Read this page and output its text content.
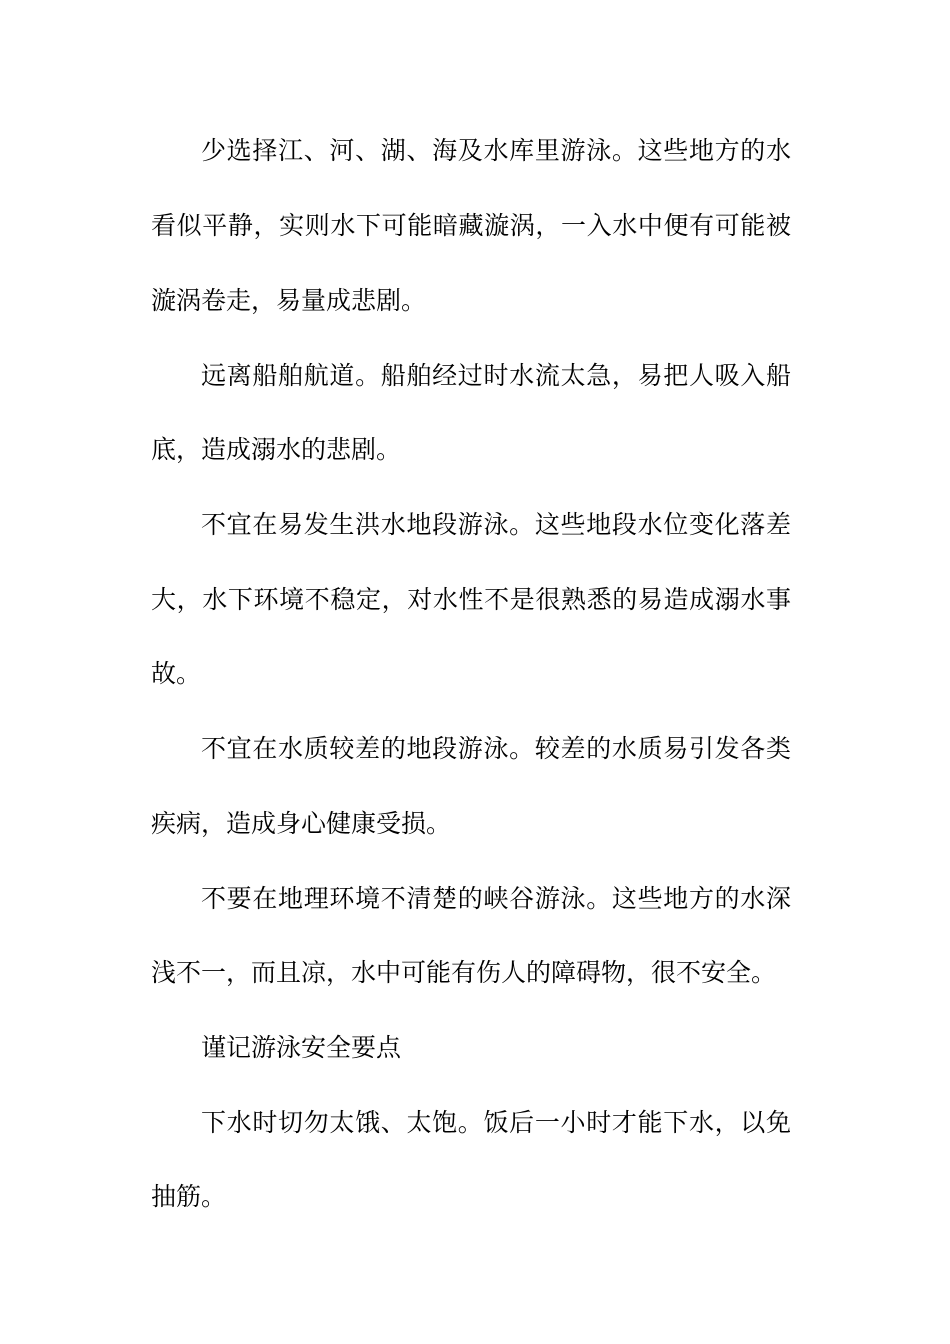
少选择江、河、湖、海及水库里游泳。这些地方的水
看似平静，实则水下可能暗藏漩涡，一入水中便有可能被
漩涡卷走，易量成悲剧。
远离船舶航道。船舶经过时水流太急，易把人吸入船
底，造成溺水的悲剧。
不宜在易发生洪水地段游泳。这些地段水位变化落差
大，水下环境不稳定，对水性不是很熟悉的易造成溺水事
故。
不宜在水质较差的地段游泳。较差的水质易引发各类
疾病，造成身心健康受损。
不要在地理环境不清楚的峡谷游泳。这些地方的水深
浅不一，而且凉，水中可能有伤人的障碍物，很不安全。
谨记游泳安全要点
下水时切勿太饿、太饱。饭后一小时才能下水，以免
抽筋。
